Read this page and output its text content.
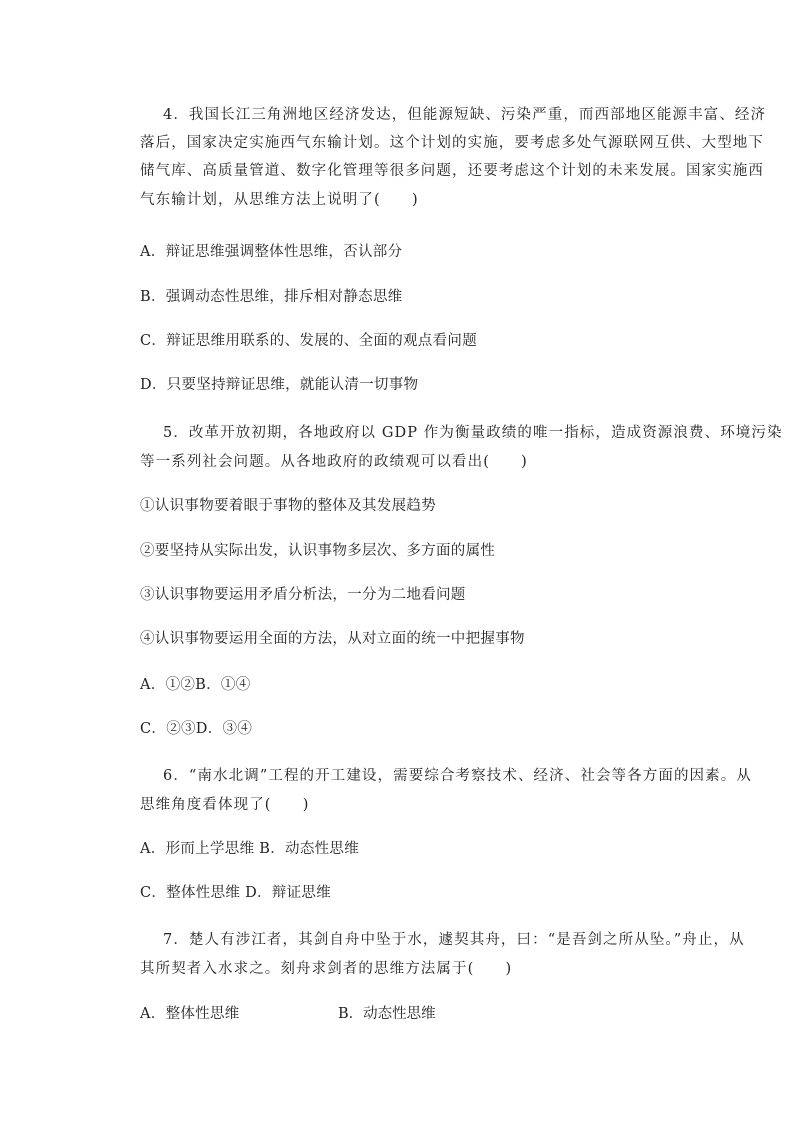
4．我国长江三角洲地区经济发达，但能源短缺、污染严重，而西部地区能源丰富、经济
落后，国家决定实施西气东输计划。这个计划的实施，要考虑多处气源联网互供、大型地下
储气库、高质量管道、数字化管理等很多问题，还要考虑这个计划的未来发展。国家实施西
气东输计划，从思维方法上说明了(　　)
A．辩证思维强调整体性思维，否认部分
B．强调动态性思维，排斥相对静态思维
C．辩证思维用联系的、发展的、全面的观点看问题
D．只要坚持辩证思维，就能认清一切事物
5．改革开放初期，各地政府以 GDP 作为衡量政绩的唯一指标，造成资源浪费、环境污染
等一系列社会问题。从各地政府的政绩观可以看出(　　)
①认识事物要着眼于事物的整体及其发展趋势
②要坚持从实际出发，认识事物多层次、多方面的属性
③认识事物要运用矛盾分析法，一分为二地看问题
④认识事物要运用全面的方法，从对立面的统一中把握事物
A．①②B．①④
C．②③D．③④
6．“南水北调”工程的开工建设，需要综合考察技术、经济、社会等各方面的因素。从
思维角度看体现了(　　)
A．形而上学思维 B．动态性思维
C．整体性思维 D．辩证思维
7．楚人有涉江者，其剑自舟中坠于水，遽契其舟，曰：“是吾剑之所从坠。”舟止，从
其所契者入水求之。刻舟求剑者的思维方法属于(　　)
A．整体性思维	B．动态性思维
